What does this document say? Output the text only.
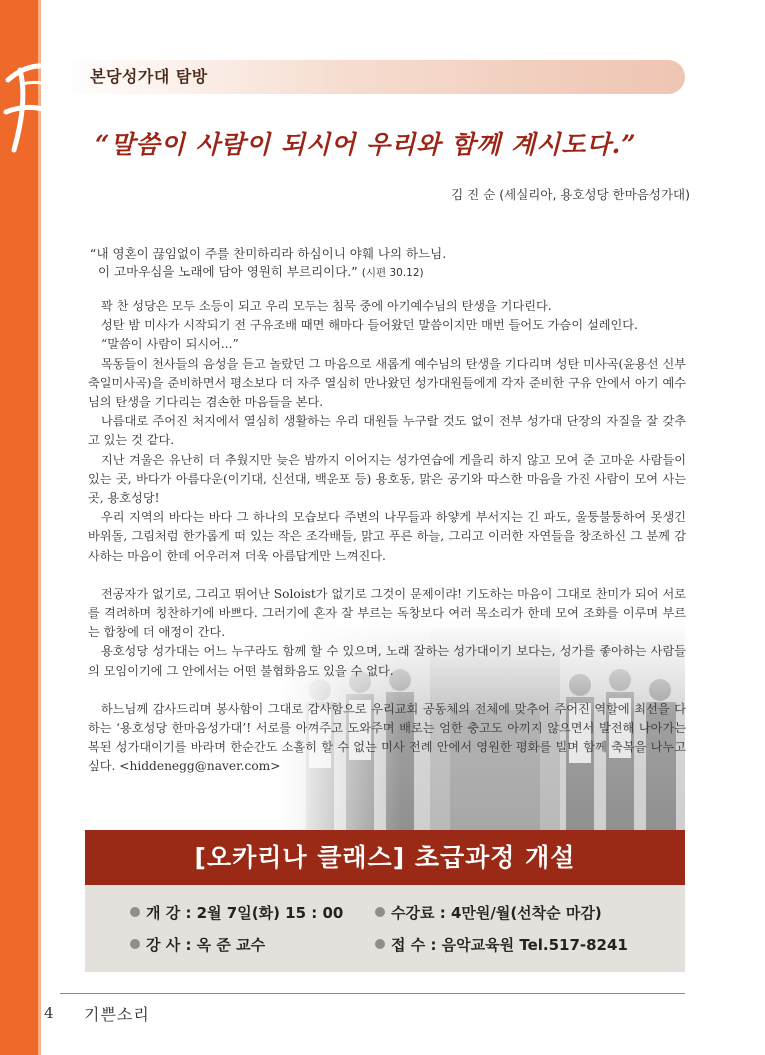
본당성가대 탐방
“말씀이 사람이 되시어 우리와 함께 계시도다.”
김 진 순 (세실리아, 용호성당 한마음성가대)

“내 영혼이 끊임없이 주를 찬미하리라 하심이니 야훼 나의 하느님.

이 고마우심을 노래에 담아 영원히 부르리이다.” (시편 30.12)

꽉 찬 성당은 모두 소등이 되고 우리 모두는 침묵 중에 아기예수님의 탄생을 기다린다.

성탄 밤 미사가 시작되기 전 구유조배 때면 해마다 들어왔던 말씀이지만 매번 들어도 가슴이 설레인다.

“말씀이 사람이 되시어...”

목동들이 천사들의 음성을 듣고 놀랐던 그 마음으로 새롭게 예수님의 탄생을 기다리며 성탄 미사곡(윤용선 신부 축일미사곡)을 준비하면서 평소보다 더 자주 열심히 만나왔던 성가대원들에게 각자 준비한 구유 안에서 아기 예수님의 탄생을 기다리는 겸손한 마음들을 본다.

나름대로 주어진 처지에서 열심히 생활하는 우리 대원들 누구랄 것도 없이 전부 성가대 단장의 자질을 잘 갖추고 있는 것 같다.

지난 겨울은 유난히 더 추웠지만 늦은 밤까지 이어지는 성가연습에 게을리 하지 않고 모여 준 고마운 사람들이 있는 곳, 바다가 아름다운(이기대, 신선대, 백운포 등) 용호동, 맑은 공기와 따스한 마음을 가진 사람이 모여 사는 곳, 용호성당!

우리 지역의 바다는 바다 그 하나의 모습보다 주변의 나무들과 하얗게 부서지는 긴 파도, 울퉁불퉁하여 못생긴 바위돌, 그림처럼 한가롭게 떠 있는 작은 조각배들, 맑고 푸른 하늘, 그리고 이러한 자연들을 창조하신 그 분께 감사하는 마음이 한데 어우러져 더욱 아름답게만 느껴진다.

전공자가 없기로, 그리고 뛰어난 Soloist가 없기로 그것이 문제이랴! 기도하는 마음이 그대로 찬미가 되어 서로를 격려하며 칭찬하기에 바쁘다. 그러기에 혼자 잘 부르는 독창보다 여러 목소리가 한데 모여 조화를 이루며 부르는 합창에 더 애정이 간다.

용호성당 성가대는 어느 누구라도 함께 할 수 있으며, 노래 잘하는 성가대이기 보다는, 성가를 좋아하는 사람들의 모임이기에 그 안에서는 어떤 불협화음도 있을 수 없다.

하느님께 감사드리며 봉사함이 그대로 감사함으로 우리교회 공동체의 전체에 맞추어 주어진 역할에 최선을 다하는 ‘용호성당 한마음성가대’! 서로를 아껴주고 도와주며 배로는 엄한 충고도 아끼지 않으면서 발전해 나아가는 복된 성가대이기를 바라며 한순간도 소홀히 할 수 없는 미사 전례 안에서 영원한 평화를 빌며 함께 축복을 나누고 싶다. <hiddenegg@naver.com>

[오카리나 클래스] 초급과정 개설
개 강 : 2월 7일(화) 15 : 00	수강료 : 4만원/월(선착순 마감)
강 사 : 옥 준 교수	접 수 : 음악교육원 Tel.517-8241
4 기쁜소리
